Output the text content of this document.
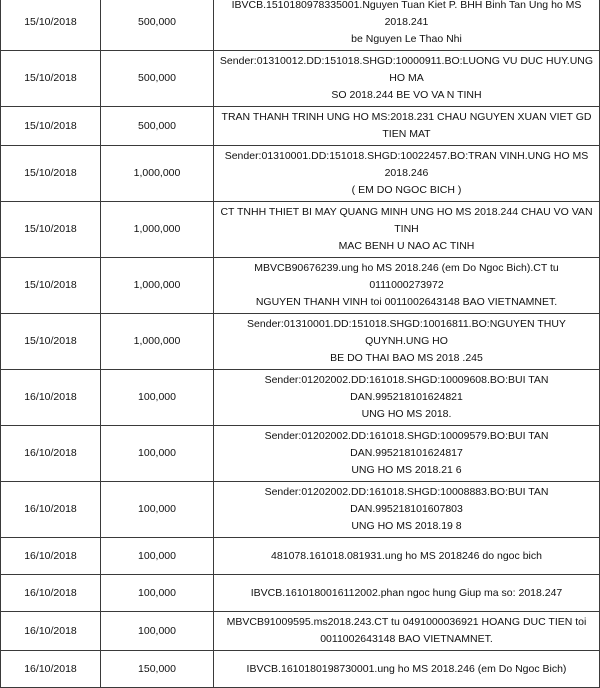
15/10/2018	500,000	IBVCB.1510180978335001.Nguyen Tuan Kiet P. BHH Binh Tan Ung ho MS 2018.241
be Nguyen Le Thao Nhi

15/10/2018	500,000	Sender:01310012.DD:151018.SHGD:10000911.BO:LUONG VU DUC HUY.UNG HO MA
SO 2018.244 BE VO VA N TINH

15/10/2018	500,000	TRAN THANH TRINH UNG HO MS:2018.231 CHAU NGUYEN XUAN VIET GD TIEN MAT

15/10/2018	1,000,000	Sender:01310001.DD:151018.SHGD:10022457.BO:TRAN VINH.UNG HO MS 2018.246
( EM DO NGOC BICH )

15/10/2018	1,000,000	CT TNHH THIET BI MAY QUANG MINH UNG HO MS 2018.244 CHAU VO VAN TINH
MAC BENH U NAO AC TINH

15/10/2018	1,000,000	MBVCB90676239.ung ho MS 2018.246 (em Do Ngoc Bich).CT tu 0111000273972
NGUYEN THANH VINH toi 0011002643148 BAO VIETNAMNET.

15/10/2018	1,000,000	Sender:01310001.DD:151018.SHGD:10016811.BO:NGUYEN THUY QUYNH.UNG HO
BE DO THAI BAO MS 2018 .245

16/10/2018	100,000	Sender:01202002.DD:161018.SHGD:10009608.BO:BUI TAN DAN.995218101624821
UNG HO MS 2018.

16/10/2018	100,000	Sender:01202002.DD:161018.SHGD:10009579.BO:BUI TAN DAN.995218101624817
UNG HO MS 2018.21 6

16/10/2018	100,000	Sender:01202002.DD:161018.SHGD:10008883.BO:BUI TAN DAN.995218101607803
UNG HO MS 2018.19 8

16/10/2018	100,000	481078.161018.081931.ung ho MS 2018246 do ngoc bich

16/10/2018	100,000	IBVCB.1610180016112002.phan ngoc hung Giup ma so: 2018.247

16/10/2018	100,000	MBVCB91009595.ms2018.243.CT tu 0491000036921 HOANG DUC TIEN toi
0011002643148 BAO VIETNAMNET.

16/10/2018	150,000	IBVCB.1610180198730001.ung ho MS 2018.246 (em Do Ngoc Bich)
